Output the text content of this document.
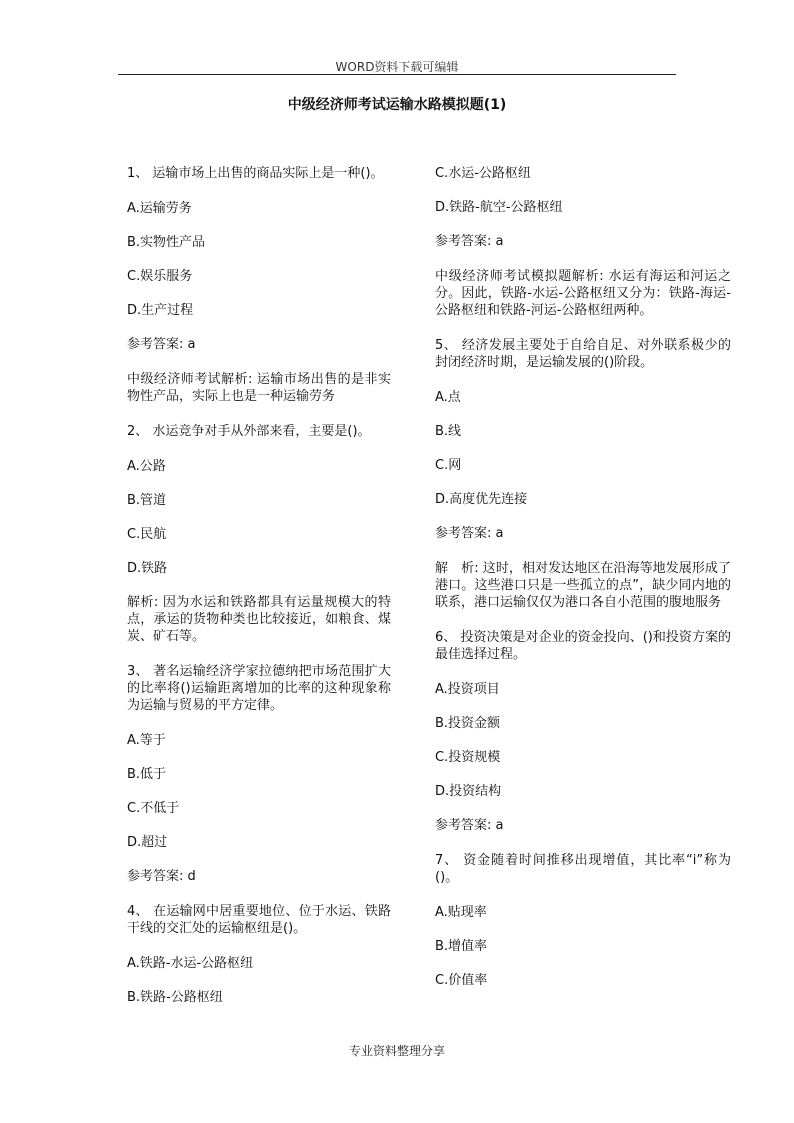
WORD资料下载可编辑
中级经济师考试运输水路模拟题(1)
1、 运输市场上出售的商品实际上是一种()。
A.运输劳务
B.实物性产品
C.娱乐服务
D.生产过程
参考答案: a
中级经济师考试解析: 运输市场出售的是非实物性产品，实际上也是一种运输劳务
2、 水运竞争对手从外部来看，主要是()。
A.公路
B.管道
C.民航
D.铁路
解析: 因为水运和铁路都具有运量规模大的特点，承运的货物种类也比较接近，如粮食、煤炭、矿石等。
3、 著名运输经济学家拉德纳把市场范围扩大的比率将()运输距离增加的比率的这种现象称为运输与贸易的平方定律。
A.等于
B.低于
C.不低于
D.超过
参考答案: d
4、 在运输网中居重要地位、位于水运、铁路干线的交汇处的运输枢纽是()。
A.铁路-水运-公路枢纽
B.铁路-公路枢纽
C.水运-公路枢纽
D.铁路-航空-公路枢纽
参考答案: a
中级经济师考试模拟题解析: 水运有海运和河运之分。因此，铁路-水运-公路枢纽又分为：铁路-海运-公路枢纽和铁路-河运-公路枢纽两种。
5、 经济发展主要处于自给自足、对外联系极少的封闭经济时期，是运输发展的()阶段。
A.点
B.线
C.网
D.高度优先连接
参考答案: a
解　析: 这时，相对发达地区在沿海等地发展形成了港口。这些港口只是一些孤立的点”，缺少同内地的联系，港口运输仅仅为港口各自小范围的腹地服务
6、 投资决策是对企业的资金投向、()和投资方案的最佳选择过程。
A.投资项目
B.投资金额
C.投资规模
D.投资结构
参考答案: a
7、 资金随着时间推移出现增值，其比率“i”称为()。
A.贴现率
B.增值率
C.价值率
专业资料整理分享
